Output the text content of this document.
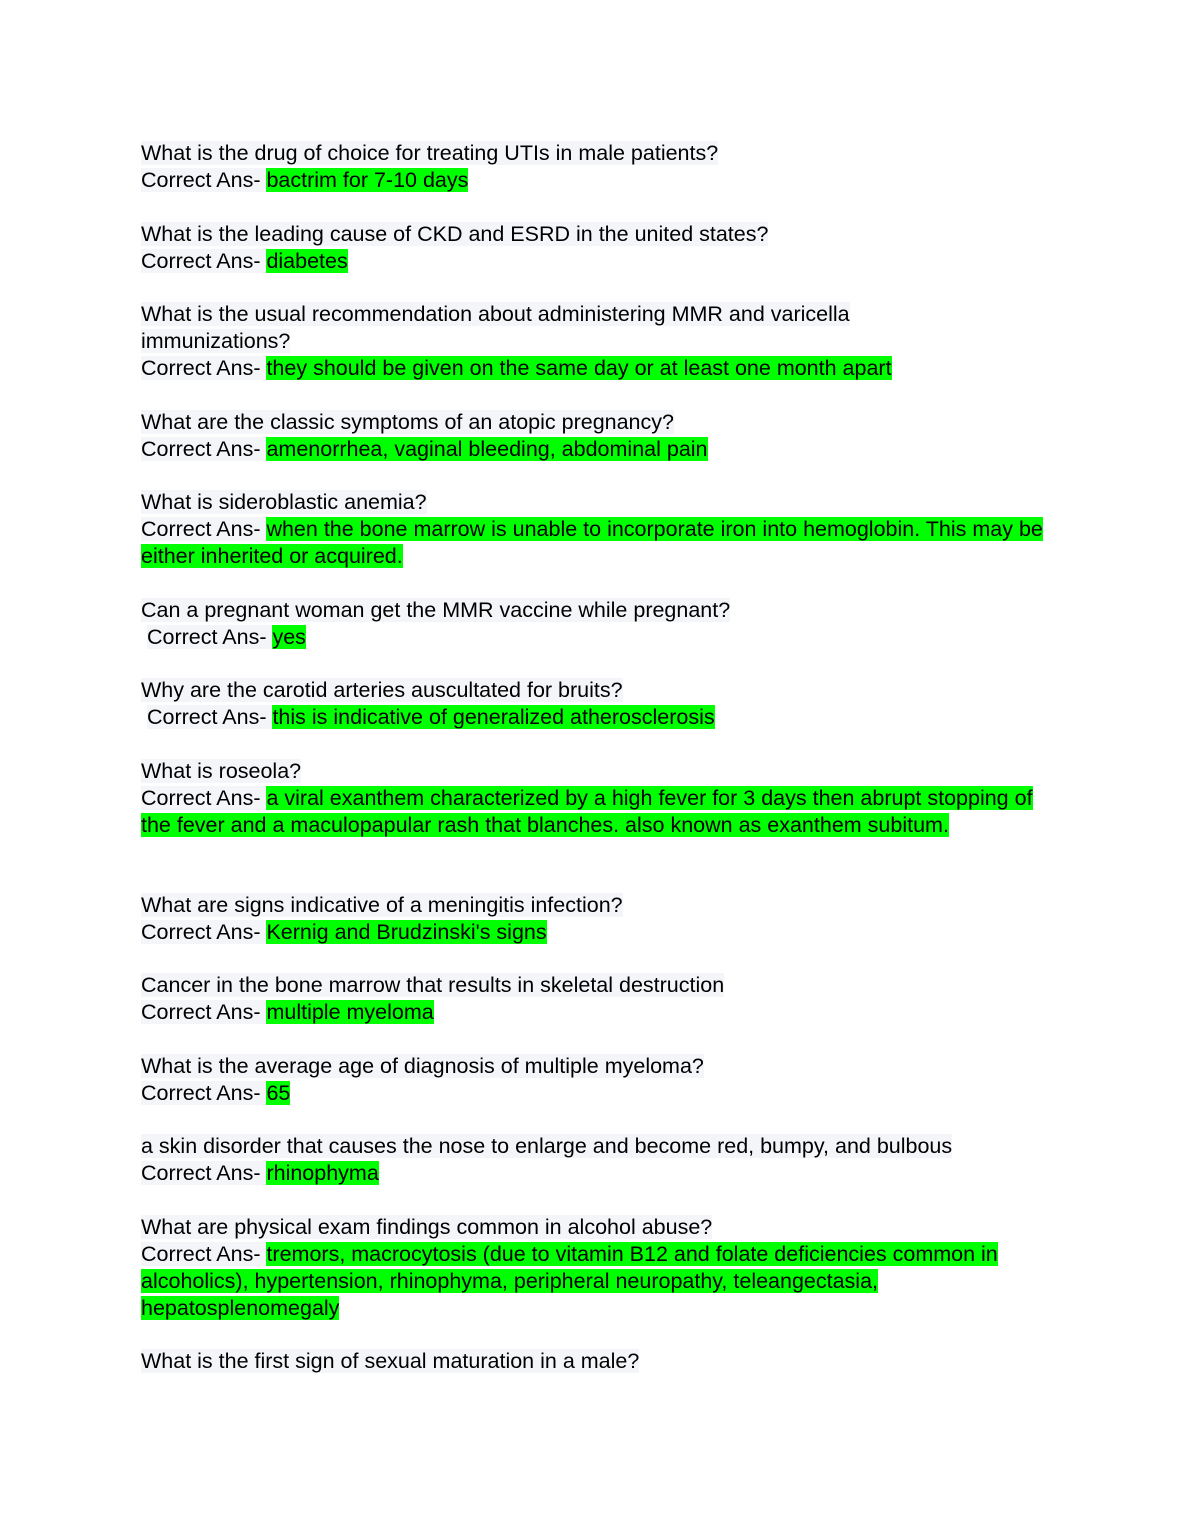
What is the drug of choice for treating UTIs in male patients?
Correct Ans- bactrim for 7-10 days
What is the leading cause of CKD and ESRD in the united states?
Correct Ans- diabetes
What is the usual recommendation about administering MMR and varicella immunizations?
Correct Ans- they should be given on the same day or at least one month apart
What are the classic symptoms of an atopic pregnancy?
Correct Ans- amenorrhea, vaginal bleeding, abdominal pain
What is sideroblastic anemia?
Correct Ans- when the bone marrow is unable to incorporate iron into hemoglobin. This may be either inherited or acquired.
Can a pregnant woman get the MMR vaccine while pregnant?
Correct Ans- yes
Why are the carotid arteries auscultated for bruits?
Correct Ans- this is indicative of generalized atherosclerosis
What is roseola?
Correct Ans- a viral exanthem characterized by a high fever for 3 days then abrupt stopping of the fever and a maculopapular rash that blanches. also known as exanthem subitum.
What are signs indicative of a meningitis infection?
Correct Ans- Kernig and Brudzinski's signs
Cancer in the bone marrow that results in skeletal destruction
Correct Ans- multiple myeloma
What is the average age of diagnosis of multiple myeloma?
Correct Ans- 65
a skin disorder that causes the nose to enlarge and become red, bumpy, and bulbous
Correct Ans- rhinophyma
What are physical exam findings common in alcohol abuse?
Correct Ans- tremors, macrocytosis (due to vitamin B12 and folate deficiencies common in alcoholics), hypertension, rhinophyma, peripheral neuropathy, teleangectasia, hepatosplenomegaly
What is the first sign of sexual maturation in a male?
